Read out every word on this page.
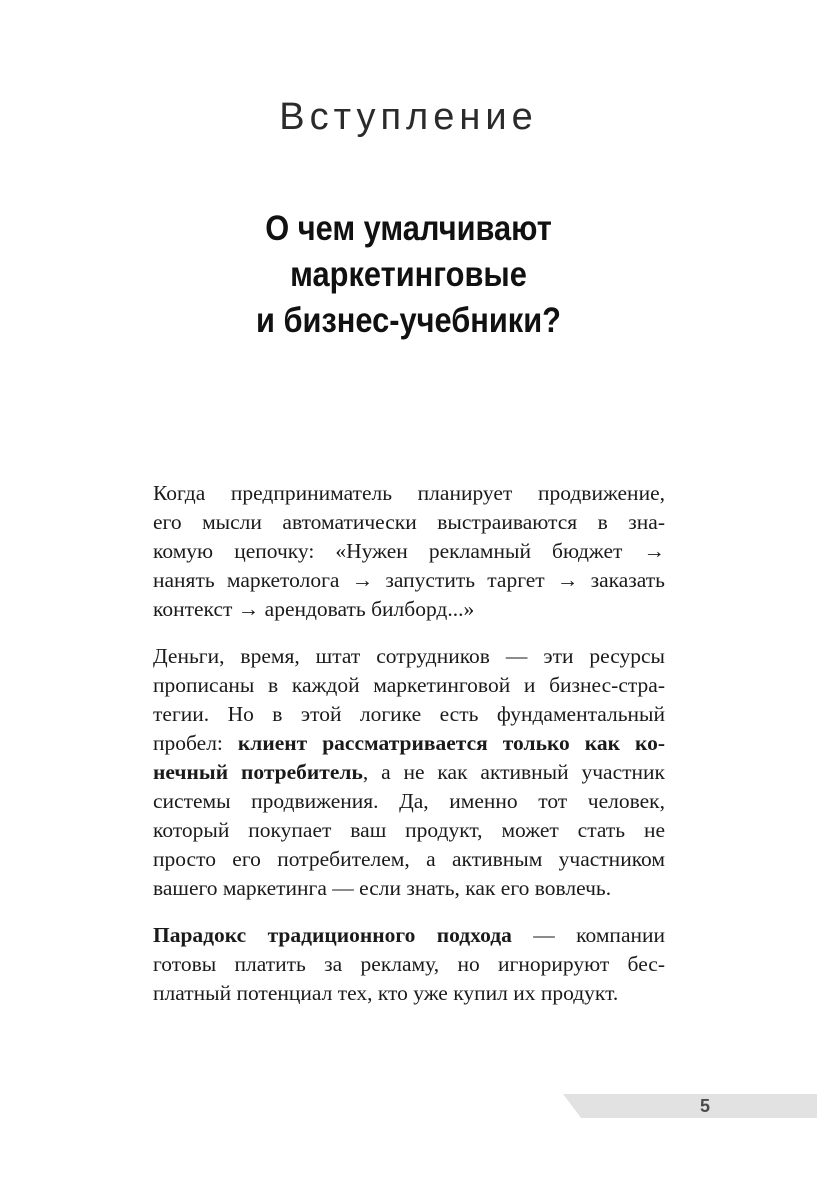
Вступление
О чем умалчивают
маркетинговые
и бизнес-учебники?
Когда предприниматель планирует продвижение,
его мысли автоматически выстраиваются в зна-
комую цепочку: «Нужен рекламный бюджет →
нанять маркетолога → запустить таргет → заказать
контекст → арендовать билборд...»
Деньги, время, штат сотрудников — эти ресурсы
прописаны в каждой маркетинговой и бизнес-стра-
тегии. Но в этой логике есть фундаментальный
пробел: клиент рассматривается только как ко-
нечный потребитель, а не как активный участник
системы продвижения. Да, именно тот человек,
который покупает ваш продукт, может стать не
просто его потребителем, а активным участником
вашего маркетинга — если знать, как его вовлечь.
Парадокс традиционного подхода — компании
готовы платить за рекламу, но игнорируют бес-
платный потенциал тех, кто уже купил их продукт.
5
